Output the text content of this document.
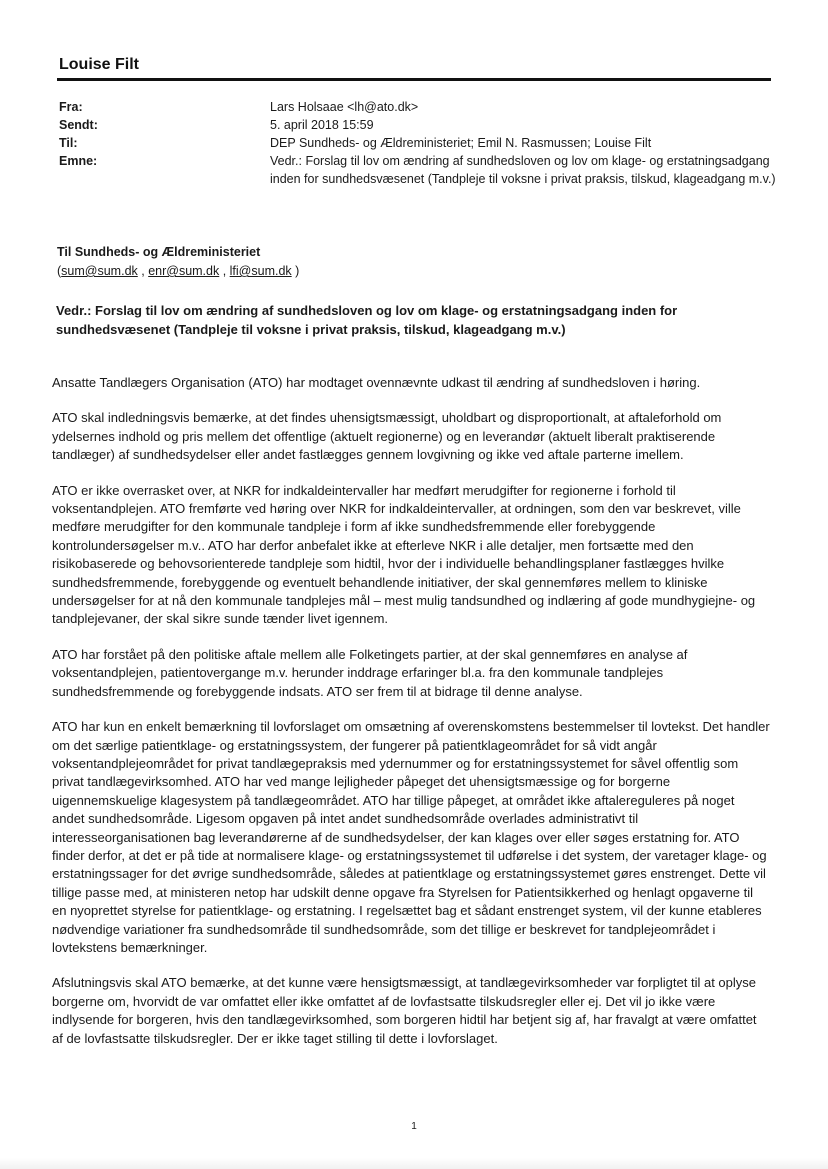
Louise Filt
Fra:	Lars Holsaae <lh@ato.dk>
Sendt:	5. april 2018 15:59
Til:	DEP Sundheds- og Ældreministeriet; Emil N. Rasmussen; Louise Filt
Emne:	Vedr.: Forslag til lov om ændring af sundhedsloven og lov om klage- og erstatningsadgang inden for sundhedsvæsenet (Tandpleje til voksne i privat praksis, tilskud, klageadgang m.v.)
Til Sundheds- og Ældreministeriet
(sum@sum.dk , enr@sum.dk , lfi@sum.dk )
Vedr.: Forslag til lov om ændring af sundhedsloven og lov om klage- og erstatningsadgang inden for sundhedsvæsenet (Tandpleje til voksne i privat praksis, tilskud, klageadgang m.v.)

Ansatte Tandlægers Organisation (ATO) har modtaget ovennævnte udkast til ændring af sundhedsloven i høring.

ATO skal indledningsvis bemærke, at det findes uhensigtsmæssigt, uholdbart og disproportionalt, at aftaleforhold om ydelsernes indhold og pris mellem det offentlige (aktuelt regionerne) og en leverandør (aktuelt liberalt praktiserende tandlæger) af sundhedsydelser eller andet fastlægges gennem lovgivning og ikke ved aftale parterne imellem.

ATO er ikke overrasket over, at NKR for indkaldeintervaller har medført merudgifter for regionerne i forhold til voksentandplejen. ATO fremførte ved høring over NKR for indkaldeintervaller, at ordningen, som den var beskrevet, ville medføre merudgifter for den kommunale tandpleje i form af ikke sundhedsfremmende eller forebyggende kontrolundersøgelser m.v.. ATO har derfor anbefalet ikke at efterleve NKR i alle detaljer, men fortsætte med den risikobaserede og behovsorienterede tandpleje som hidtil, hvor der i individuelle behandlingsplaner fastlægges hvilke sundhedsfremmende, forebyggende og eventuelt behandlende initiativer, der skal gennemføres mellem to kliniske undersøgelser for at nå den kommunale tandplejes mål – mest mulig tandsundhed og indlæring af gode mundhygiejne- og tandplejevaner, der skal sikre sunde tænder livet igennem.

ATO har forstået på den politiske aftale mellem alle Folketingets partier, at der skal gennemføres en analyse af voksentandplejen, patientovergange m.v. herunder inddrage erfaringer bl.a. fra den kommunale tandplejes sundhedsfremmende og forebyggende indsats. ATO ser frem til at bidrage til denne analyse.

ATO har kun en enkelt bemærkning til lovforslaget om omsætning af overenskomstens bestemmelser til lovtekst. Det handler om det særlige patientklage- og erstatningssystem, der fungerer på patientklageområdet for så vidt angår voksentandplejeområdet for privat tandlægepraksis med ydernummer og for erstatningssystemet for såvel offentlig som privat tandlægevirksomhed. ATO har ved mange lejligheder påpeget det uhensigtsmæssige og for borgerne uigennemskuelige klagesystem på tandlægeområdet. ATO har tillige påpeget, at området ikke aftalereguleres på noget andet sundhedsområde. Ligesom opgaven på intet andet sundhedsområde overlades administrativt til interesseorganisationen bag leverandørerne af de sundhedsydelser, der kan klages over eller søges erstatning for. ATO finder derfor, at det er på tide at normalisere klage- og erstatningssystemet til udførelse i det system, der varetager klage- og erstatningssager for det øvrige sundhedsområde, således at patientklage og erstatningssystemet gøres enstrenget. Dette vil tillige passe med, at ministeren netop har udskilt denne opgave fra Styrelsen for Patientsikkerhed og henlagt opgaverne til en nyoprettet styrelse for patientklage- og erstatning. I regelsættet bag et sådant enstrenget system, vil der kunne etableres nødvendige variationer fra sundhedsområde til sundhedsområde, som det tillige er beskrevet for tandplejeområdet i lovtekstens bemærkninger.

Afslutningsvis skal ATO bemærke, at det kunne være hensigtsmæssigt, at tandlægevirksomheder var forpligtet til at oplyse borgerne om, hvorvidt de var omfattet eller ikke omfattet af de lovfastsatte tilskudsregler eller ej. Det vil jo ikke være indlysende for borgeren, hvis den tandlægevirksomhed, som borgeren hidtil har betjent sig af, har fravalgt at være omfattet af de lovfastsatte tilskudsregler. Der er ikke taget stilling til dette i lovforslaget.

1
